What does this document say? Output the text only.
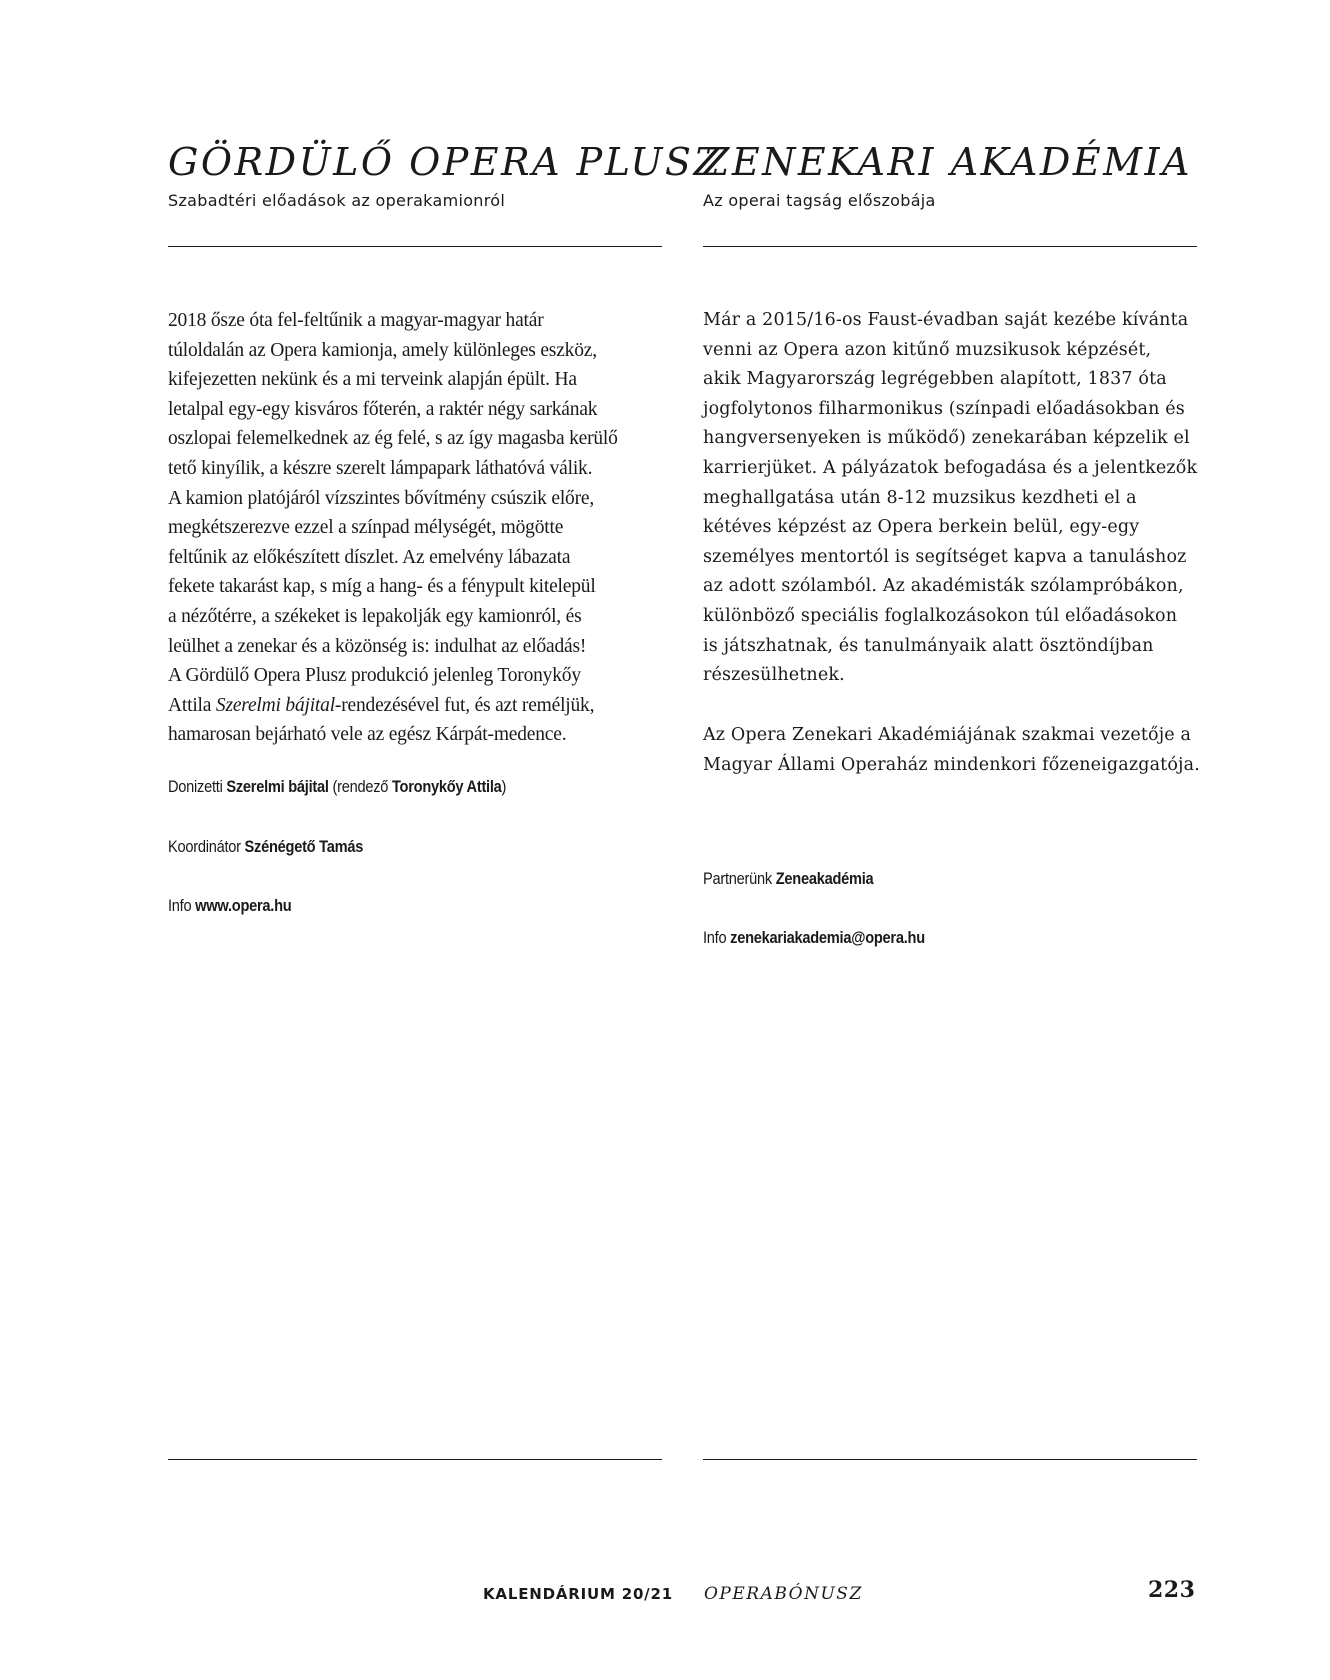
GÖRDÜLŐ OPERA PLUSZ
Szabadtéri előadások az operakamionról
2018 ősze óta fel-feltűnik a magyar-magyar határ
túloldalán az Opera kamionja, amely különleges eszköz,
kifejezetten nekünk és a mi terveink alapján épült. Ha
letalpal egy-egy kisváros főterén, a raktér négy sarkának
oszlopai felemelkednek az ég felé, s az így magasba kerülő
tető kinyílik, a készre szerelt lámpapark láthatóvá válik.
A kamion platójáról vízszintes bővítmény csúszik előre,
megkétszerezve ezzel a színpad mélységét, mögötte
feltűnik az előkészített díszlet. Az emelvény lábazata
fekete takarást kap, s míg a hang- és a fénypult kitelepül
a nézőtérre, a székeket is lepakolják egy kamionról, és
leülhet a zenekar és a közönség is: indulhat az előadás!
A Gördülő Opera Plusz produkció jelenleg Toronykőy
Attila Szerelmi bájital-rendezésével fut, és azt reméljük,
hamarosan bejárható vele az egész Kárpát-medence.
Donizetti Szerelmi bájital (rendező Toronykőy Attila)
Koordinátor Szénégető Tamás
Info www.opera.hu
ZENEKARI AKADÉMIA
Az operai tagság előszobája
Már a 2015/16-os Faust-évadban saját kezébe kívánta
venni az Opera azon kitűnő muzsikusok képzését,
akik Magyarország legrégebben alapított, 1837 óta
jogfolytonos filharmonikus (színpadi előadásokban és
hangversenyeken is működő) zenekarában képzelik el
karrierjüket. A pályázatok befogadása és a jelentkezők
meghallgatása után 8-12 muzsikus kezdheti el a
kétéves képzést az Opera berkein belül, egy-egy
személyes mentortól is segítséget kapva a tanuláshoz
az adott szólamból. Az akadémisták szólampróbákon,
különböző speciális foglalkozásokon túl előadásokon
is játszhatnak, és tanulmányaik alatt ösztöndíjban
részesülhetnek.
Az Opera Zenekari Akadémiájának szakmai vezetője a
Magyar Állami Operaház mindenkori főzeneigazgatója.
Partnerünk Zeneakadémia
Info zenekariakademia@opera.hu
KALENDÁRIUM 20/21 OPERABÓNUSZ	223
